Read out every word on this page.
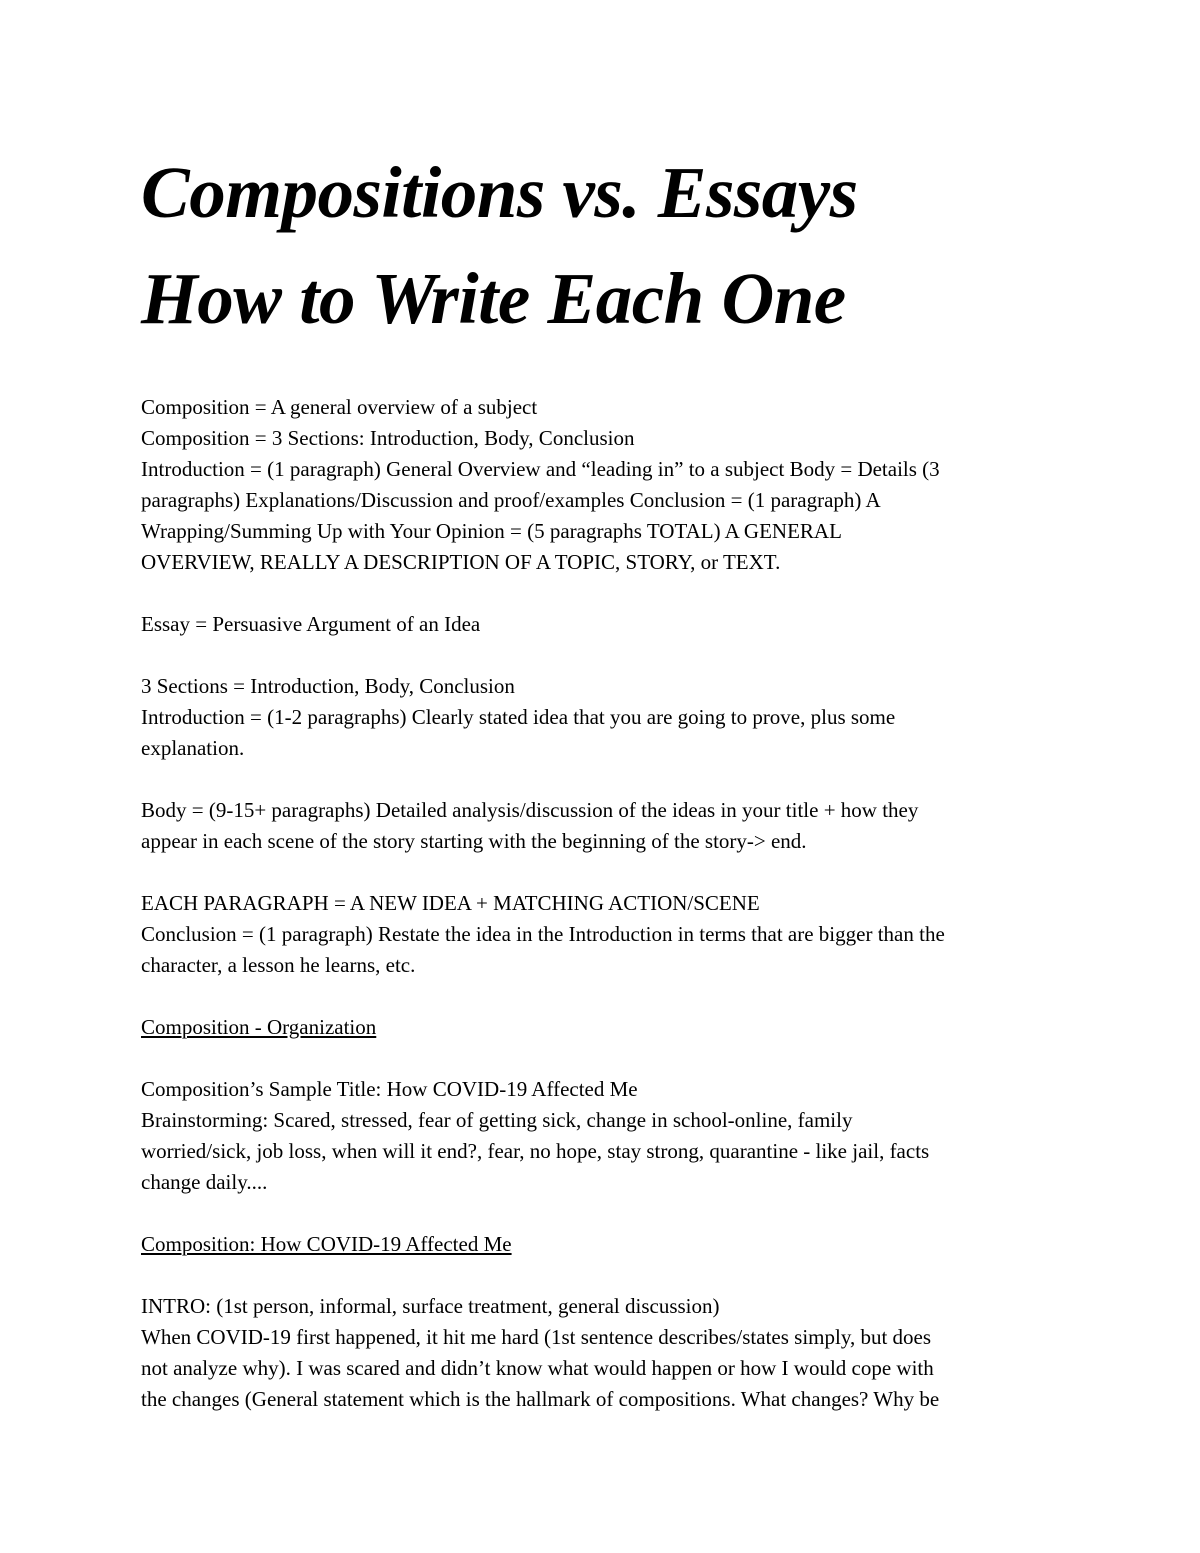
Compositions vs. Essays
How to Write Each One

Composition = A general overview of a subject

Composition = 3 Sections: Introduction, Body, Conclusion

Introduction = (1 paragraph) General Overview and “leading in” to a subject Body = Details (3

paragraphs) Explanations/Discussion and proof/examples Conclusion = (1 paragraph) A

Wrapping/Summing Up with Your Opinion = (5 paragraphs TOTAL) A GENERAL

OVERVIEW, REALLY A DESCRIPTION OF A TOPIC, STORY, or TEXT.

Essay = Persuasive Argument of an Idea

3 Sections = Introduction, Body, Conclusion

Introduction = (1-2 paragraphs) Clearly stated idea that you are going to prove, plus some

explanation.

Body = (9-15+ paragraphs) Detailed analysis/discussion of the ideas in your title + how they

appear in each scene of the story starting with the beginning of the story-> end.

EACH PARAGRAPH = A NEW IDEA + MATCHING ACTION/SCENE

Conclusion = (1 paragraph) Restate the idea in the Introduction in terms that are bigger than the

character, a lesson he learns, etc.

Composition - Organization

Composition’s Sample Title: How COVID-19 Affected Me

Brainstorming: Scared, stressed, fear of getting sick, change in school-online, family

worried/sick, job loss, when will it end?, fear, no hope, stay strong, quarantine - like jail, facts

change daily....

Composition: How COVID-19 Affected Me

INTRO: (1st person, informal, surface treatment, general discussion)

When COVID-19 first happened, it hit me hard (1st sentence describes/states simply, but does

not analyze why). I was scared and didn’t know what would happen or how I would cope with

the changes (General statement which is the hallmark of compositions. What changes? Why be
